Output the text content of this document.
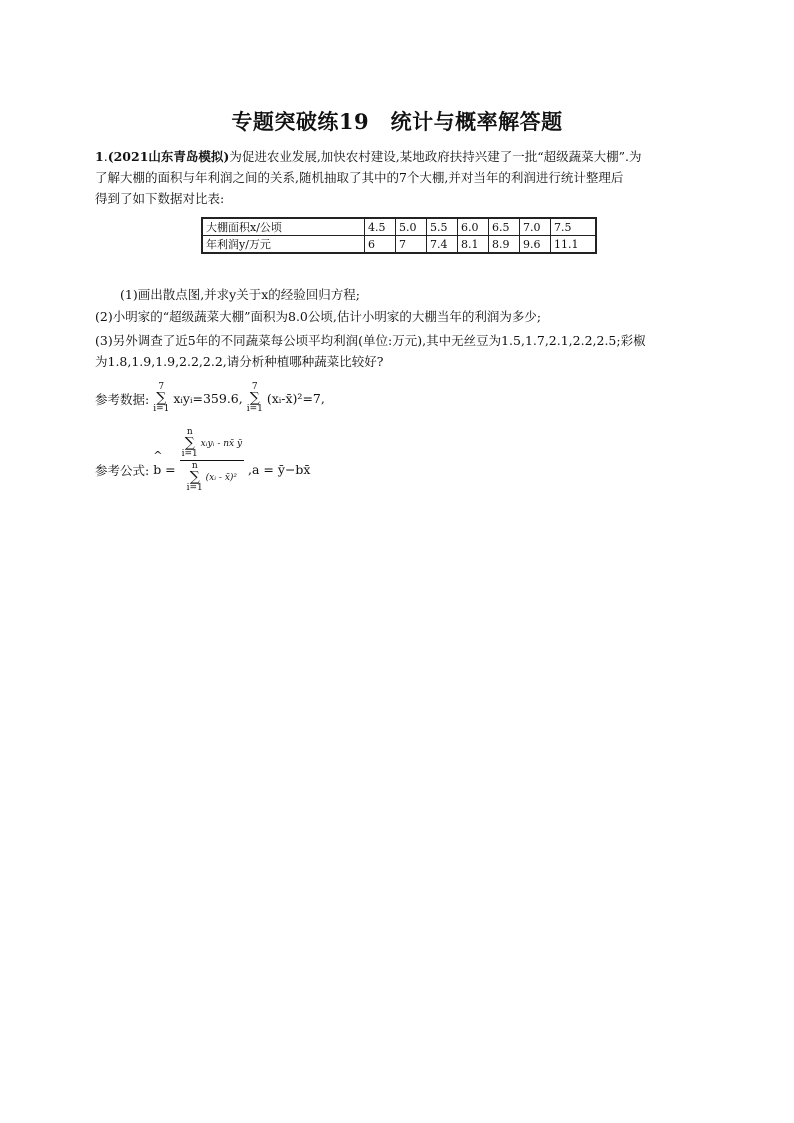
专题突破练19　统计与概率解答题
1.(2021山东青岛模拟)为促进农业发展,加快农村建设,某地政府扶持兴建了一批“超级蔬菜大棚”.为
了解大棚的面积与年利润之间的关系,随机抽取了其中的7个大棚,并对当年的利润进行统计整理后
得到了如下数据对比表:
大棚面积x/公顷	4.5	5.0	5.5	6.0	6.5	7.0	7.5
年利润y/万元	6	7	7.4	8.1	8.9	9.6	11.1
(1)画出散点图,并求y关于x的经验回归方程;
(2)小明家的“超级蔬菜大棚”面积为8.0公顷,估计小明家的大棚当年的利润为多少;
(3)另外调查了近5年的不同蔬菜每公顷平均利润(单位:万元),其中无丝豆为1.5,1.7,2.1,2.2,2.5;彩椒
为1.8,1.9,1.9,2.2,2.2,请分析种植哪种蔬菜比较好?
参考数据: 7
∑
i=1 xᵢyᵢ=359.6, 7
∑
i=1 (xᵢ-x̄)²=7,
参考公式: ^ b = n
∑
i=1 xᵢyᵢ - nx̄ ȳ
n
∑
i=1 (xᵢ - x̄)² ,a = ȳ−bx̄
